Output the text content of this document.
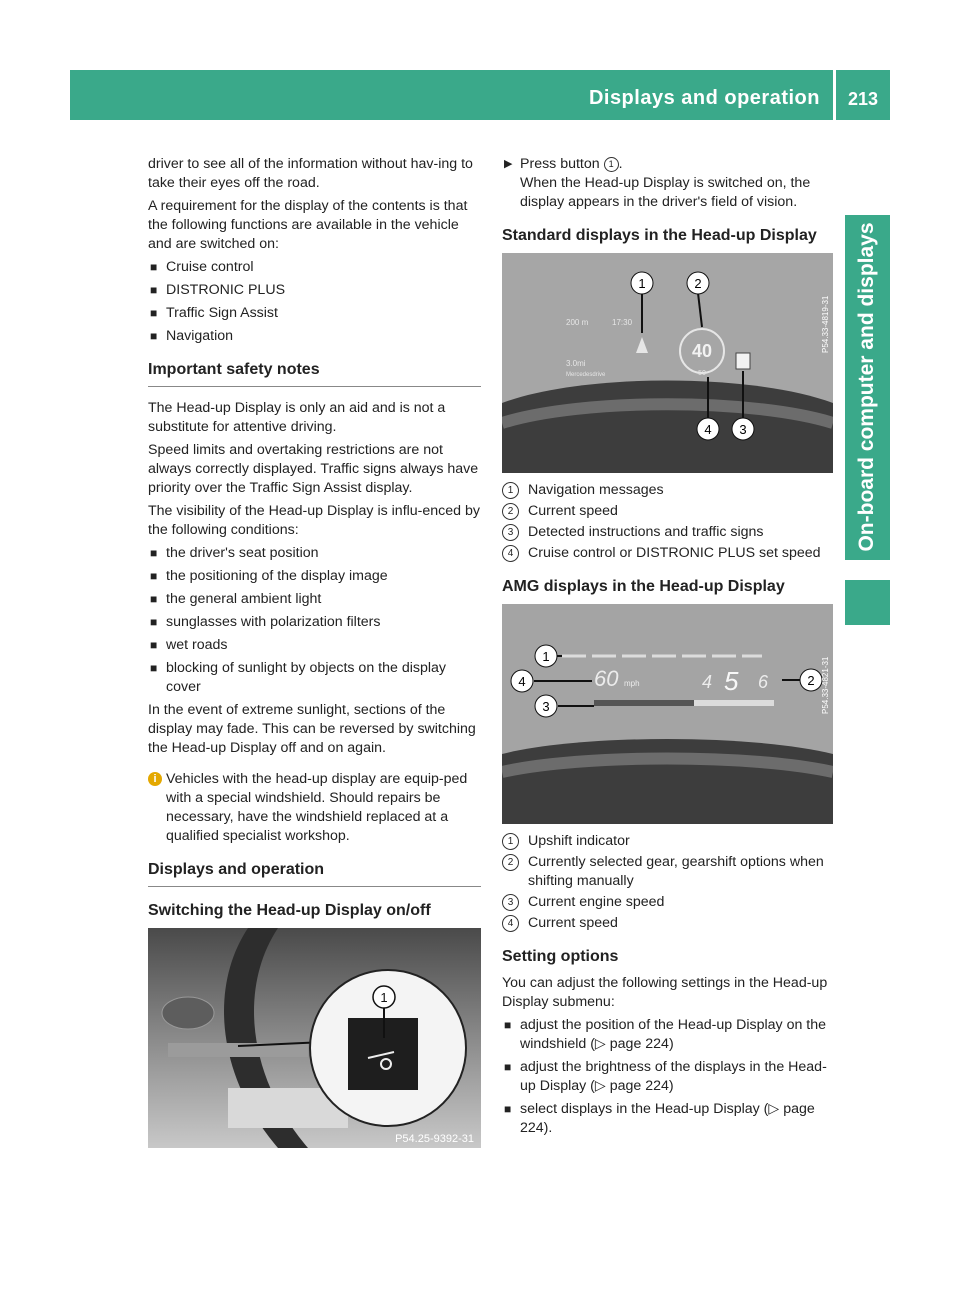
Displays and operation	213
On-board computer and displays

driver to see all of the information without hav-ing to take their eyes off the road.

A requirement for the display of the contents is that the following functions are available in the vehicle and are switched on:

■ Cruise control
■ DISTRONIC PLUS
■ Traffic Sign Assist
■ Navigation
Important safety notes

The Head-up Display is only an aid and is not a substitute for attentive driving.

Speed limits and overtaking restrictions are not always correctly displayed. Traffic signs always have priority over the Traffic Sign Assist display.

The visibility of the Head-up Display is influ-enced by the following conditions:

■ the driver's seat position
■ the positioning of the display image
■ the general ambient light
■ sunglasses with polarization filters
■ wet roads
■ blocking of sunlight by objects on the display cover

In the event of extreme sunlight, sections of the display may fade. This can be reversed by switching the Head-up Display off and on again.

i Vehicles with the head-up display are equip-ped with a special windshield. Should repairs be necessary, have the windshield replaced at a qualified specialist workshop.
Displays and operation
Switching the Head-up Display on/off
1
P54.25-9392-31
▶ Press button 1 .
When the Head-up Display is switched on, the display appears in the driver's field of vision.
Standard displays in the Head-up Display
200 m	17:30
3.0mi
Mercedesdrive
40
50
1	2
3
4
P54.33-4819-31
1	Navigation messages
2	Current speed
3	Detected instructions and traffic signs
4	Cruise control or DISTRONIC PLUS set speed
AMG displays in the Head-up Display
60 mph	4 5 6
1
2
3
4	P54.33-4821-31
1	Upshift indicator
2	Currently selected gear, gearshift options when shifting manually
3	Current engine speed
4	Current speed
Setting options

You can adjust the following settings in the Head-up Display submenu:

■ adjust the position of the Head-up Display on the windshield (▷ page 224)
■ adjust the brightness of the displays in the Head-up Display (▷ page 224)
■ select displays in the Head-up Display (▷ page 224).
